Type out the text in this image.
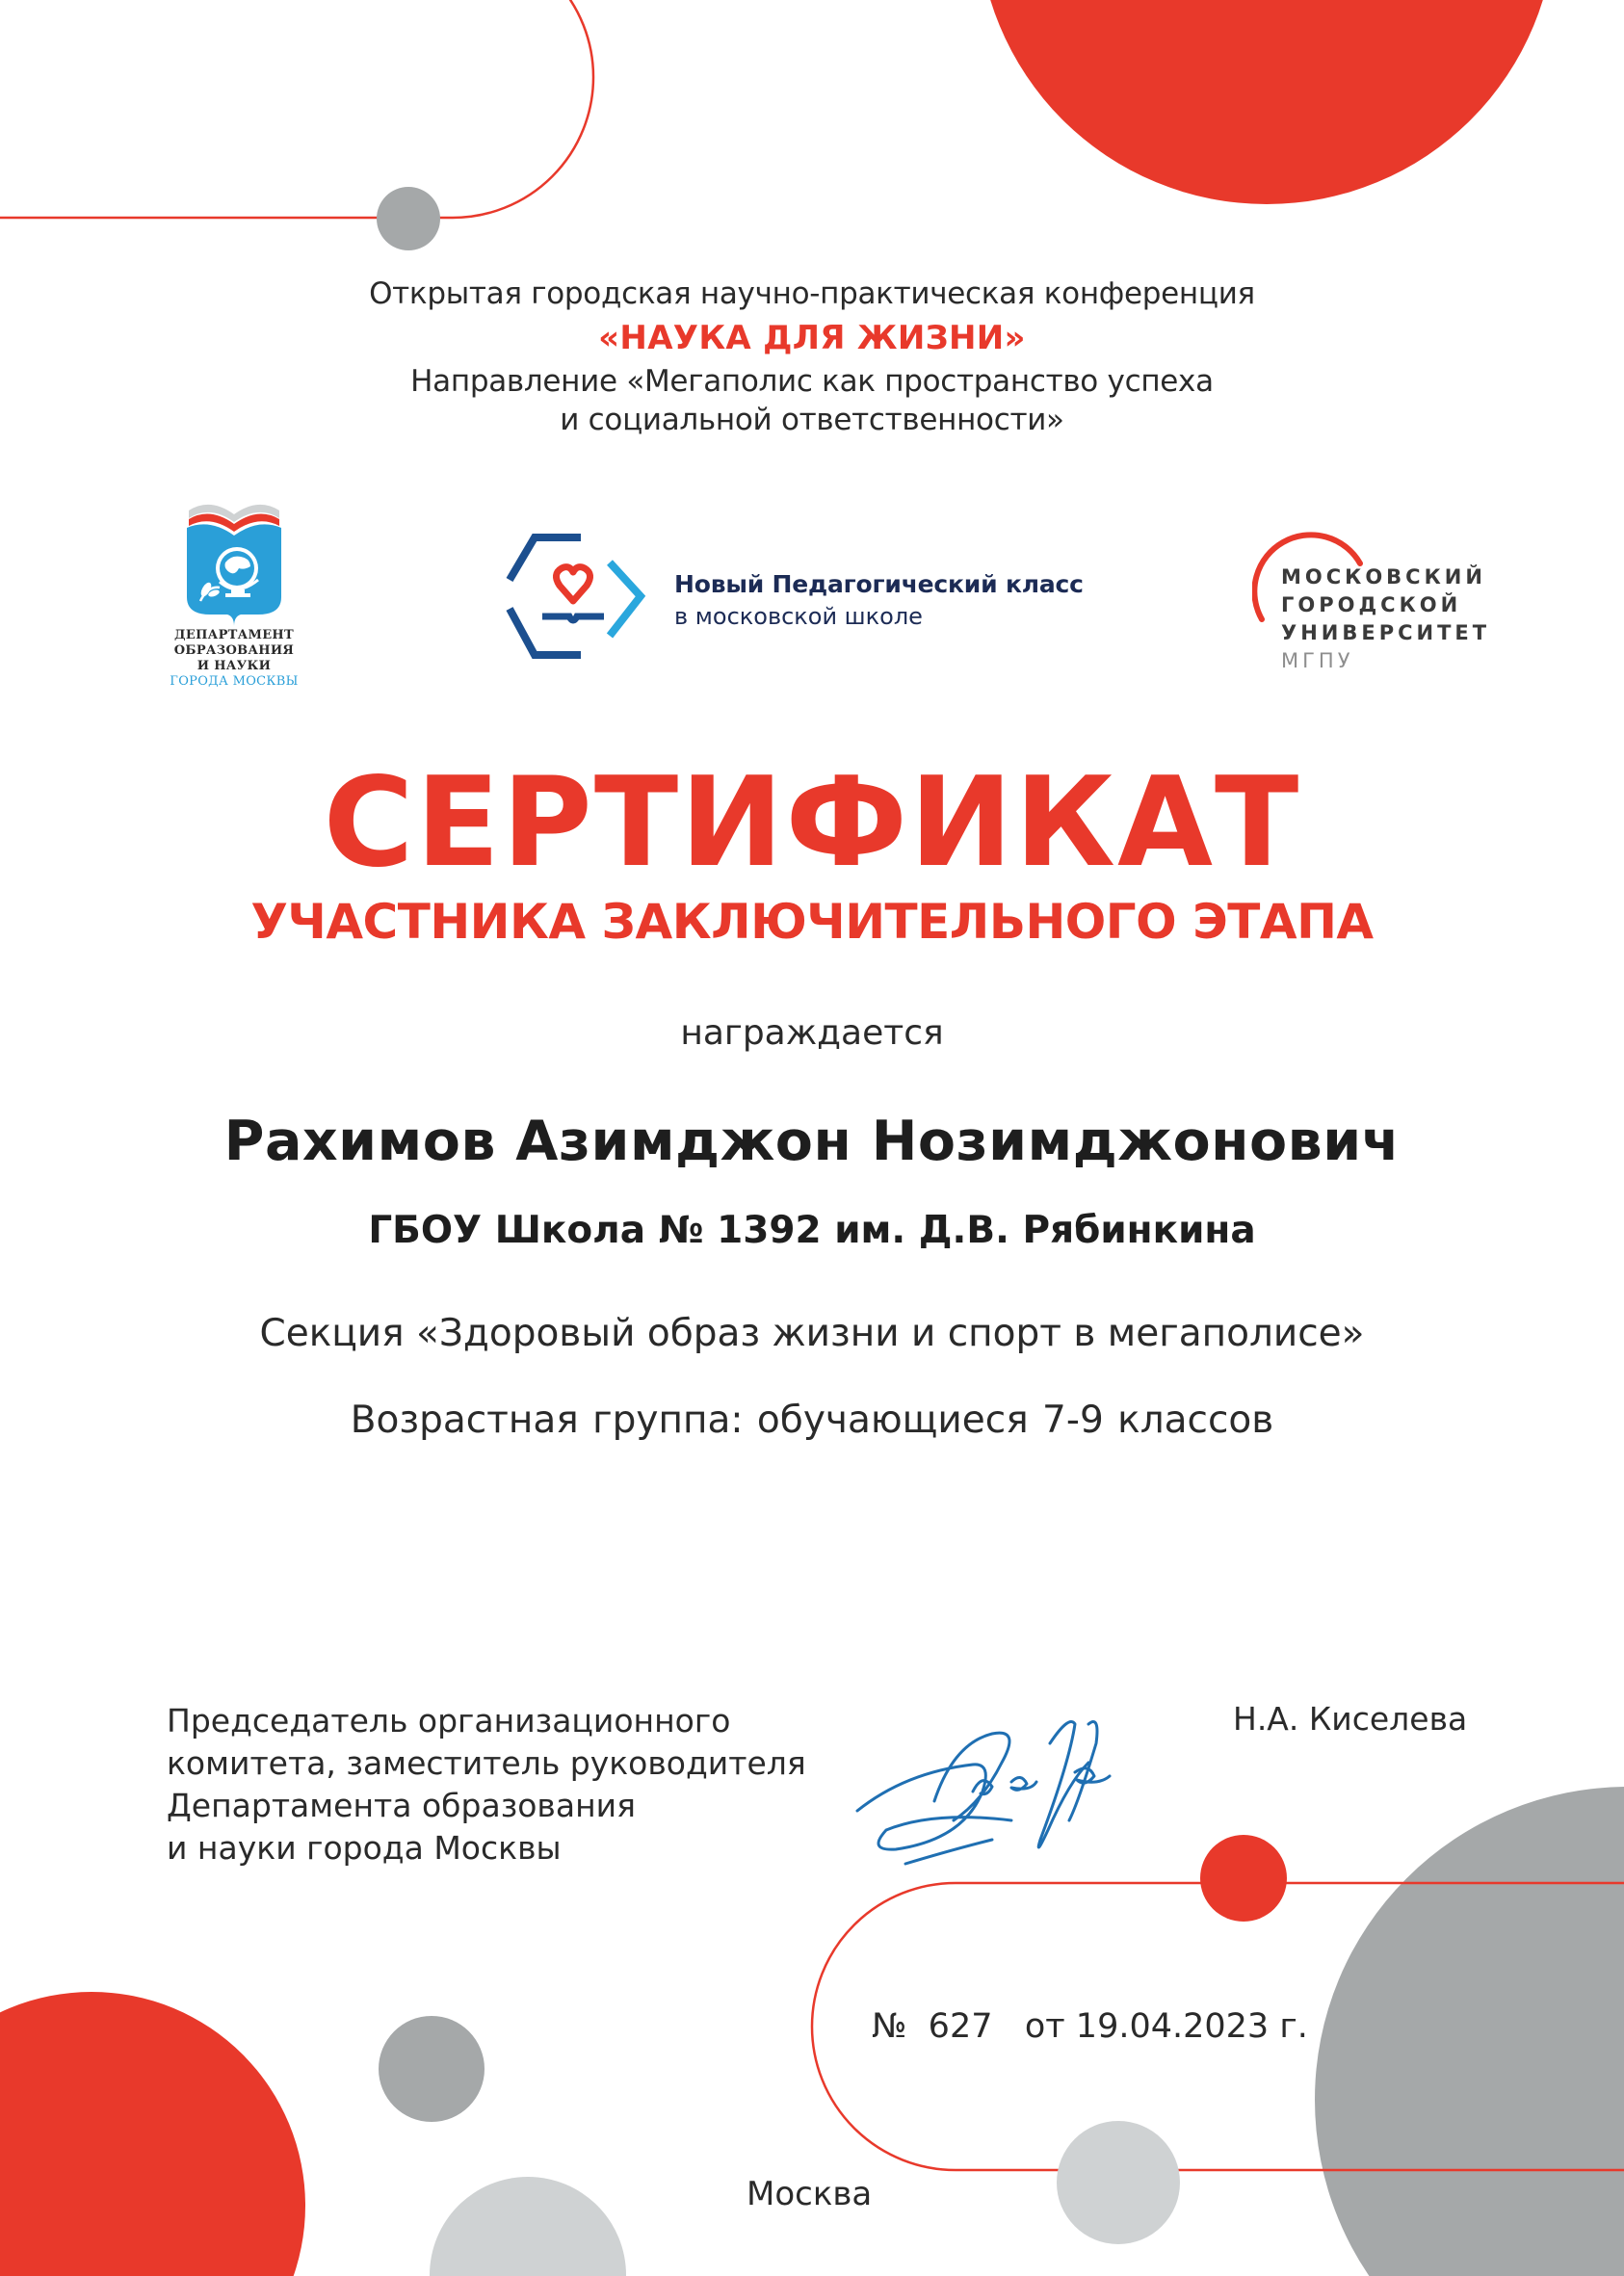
Открытая городская научно-практическая конференция
«НАУКА ДЛЯ ЖИЗНИ»
Направление «Мегаполис как пространство успеха
и социальной ответственности»
ДЕПАРТАМЕНТ
ОБРАЗОВАНИЯ
И НАУКИ
ГОРОДА МОСКВЫ
Новый Педагогический класс
в московской школе
МОСКОВСКИЙ
ГОРОДСКОЙ
УНИВЕРСИТЕТ
МГПУ
СЕРТИФИКАТ
УЧАСТНИКА ЗАКЛЮЧИТЕЛЬНОГО ЭТАПА
награждается
Рахимов Азимджон Нозимджонович
ГБОУ Школа № 1392 им. Д.В. Рябинкина
Секция «Здоровый образ жизни и спорт в мегаполисе»
Возрастная группа: обучающиеся 7-9 классов
Председатель организационного
комитета, заместитель руководителя
Департамента образования
и науки города Москвы
Н.А. Киселева
№ 627 от 19.04.2023 г.
Москва
